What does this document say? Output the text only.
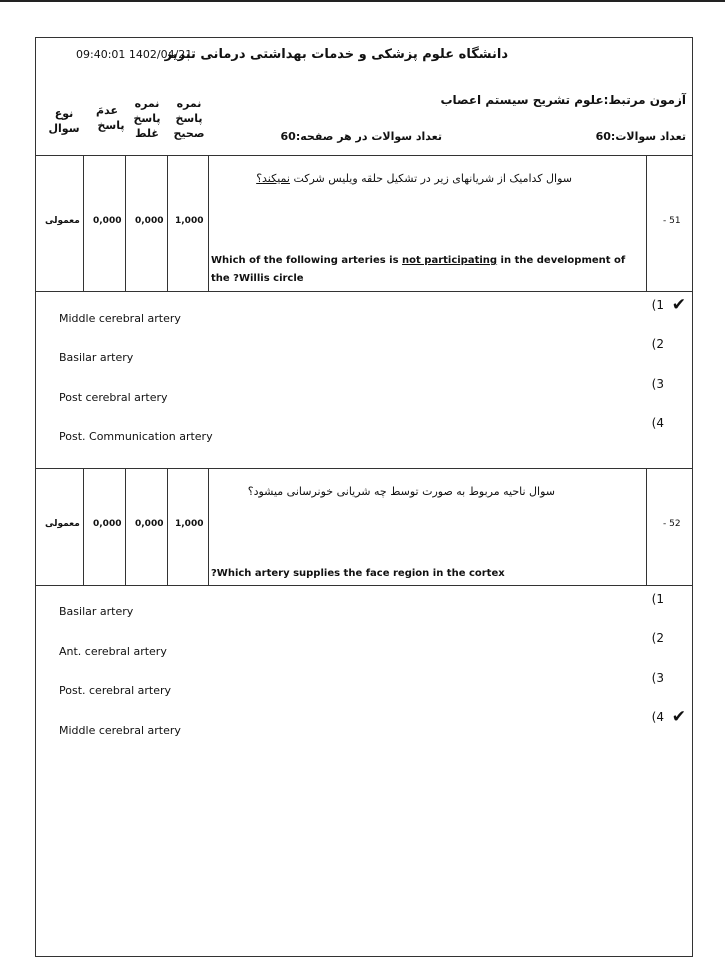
دانشگاه علوم پزشکی و خدمات بهداشتی درمانی تبریز
09:40:01 1402/04/21
آزمون مرتبط:علوم تشریح سیستم اعصاب
تعداد سوالات:60
تعداد سوالات در هر صفحه:60
نوع
سوال
عدمَ
پاسخ
نمره
پاسخ
غلط
نمره
پاسخ
صحیح
معمولی 0,000 0,000 1,000	- 51
سوال کدامیک از شریانهای زیر در تشکیل حلقه ویلیس شرکت نمیکند؟
Which of the following arteries is not participating in the development of the ?Willis circle
Middle cerebral artery
(1 ✔
Basilar artery
(2
Post cerebral artery
(3
Post. Communication artery
(4
معمولی 0,000 0,000 1,000	- 52
سوال ناحیه مربوط به صورت توسط چه شریانی خونرسانی میشود؟
?Which artery supplies the face region in the cortex
Basilar artery
(1
Ant. cerebral artery
(2
Post. cerebral artery
(3
Middle cerebral artery
(4 ✔
